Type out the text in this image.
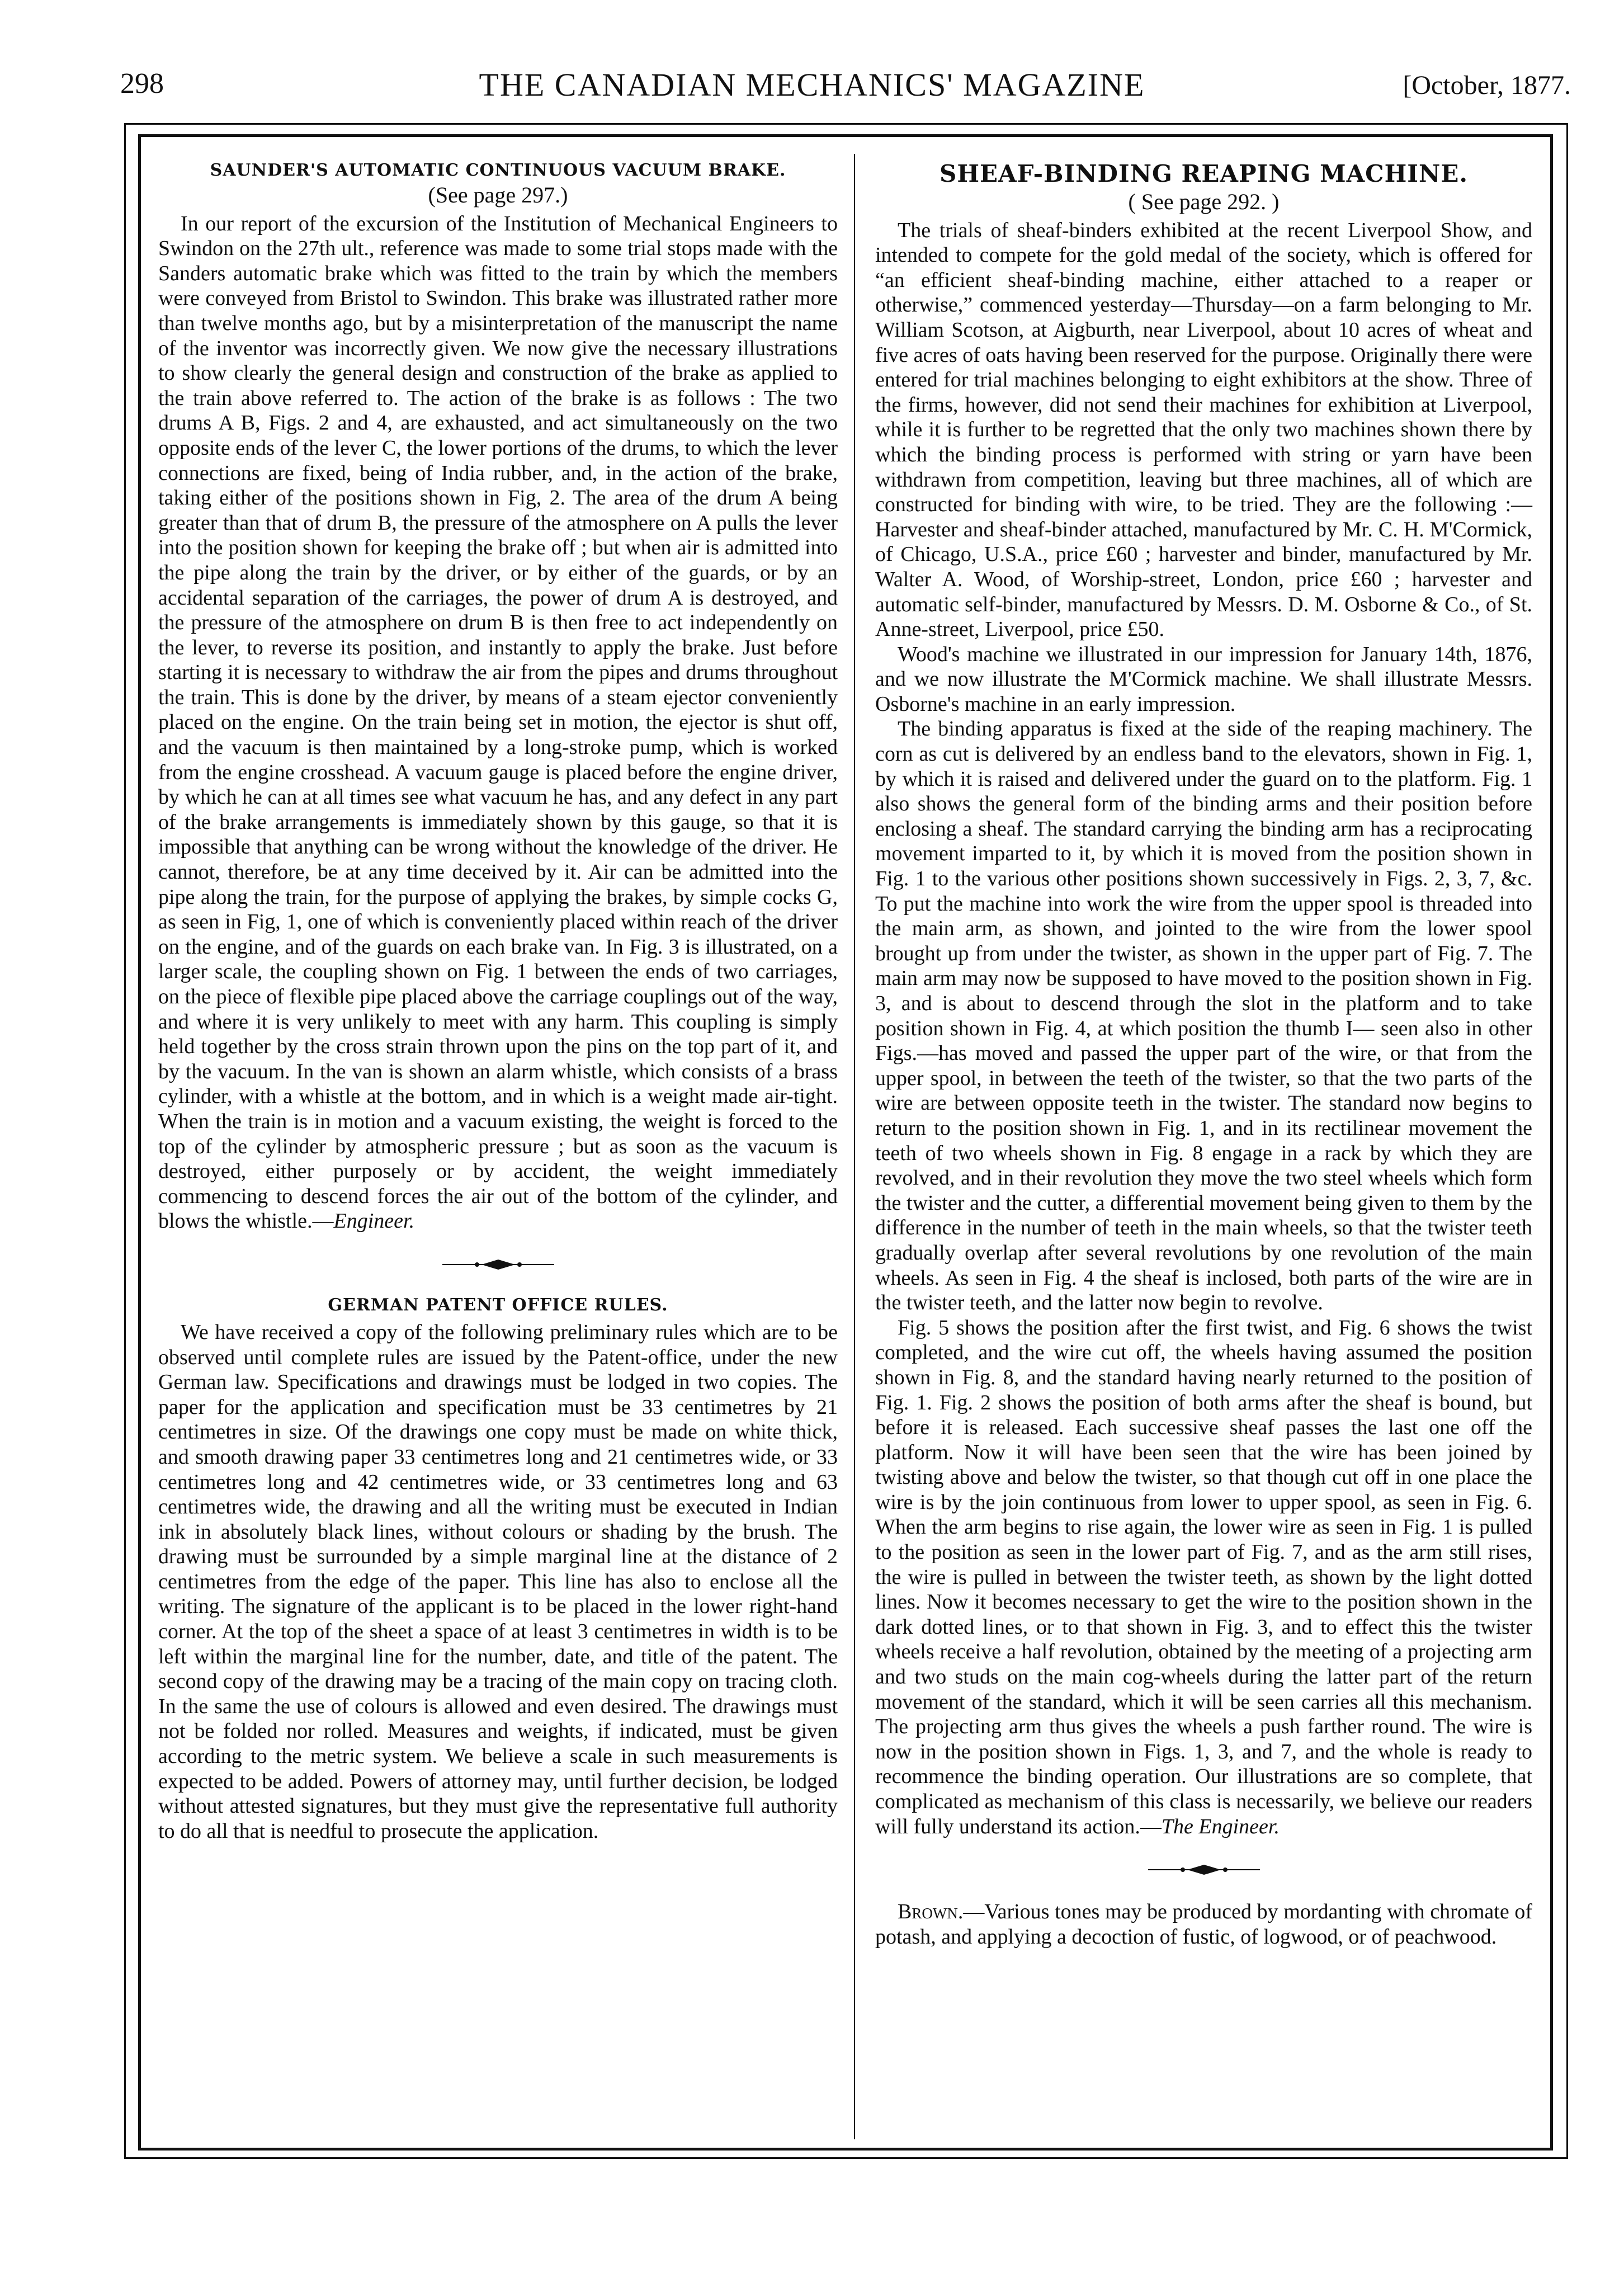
298	THE CANADIAN MECHANICS' MAGAZINE	[October, 1877.
SAUNDER'S AUTOMATIC CONTINUOUS VACUUM BRAKE.
(See page 297.)

In our report of the excursion of the Institution of Mechanical Engineers to Swindon on the 27th ult., reference was made to some trial stops made with the Sanders automatic brake which was fitted to the train by which the members were conveyed from Bristol to Swindon. This brake was illustrated rather more than twelve months ago, but by a misinterpretation of the manuscript the name of the inventor was incorrectly given. We now give the necessary illustrations to show clearly the general design and construction of the brake as applied to the train above referred to. The action of the brake is as follows : The two drums A B, Figs. 2 and 4, are exhausted, and act simultaneously on the two opposite ends of the lever C, the lower portions of the drums, to which the lever connections are fixed, being of India rubber, and, in the action of the brake, taking either of the positions shown in Fig, 2. The area of the drum A being greater than that of drum B, the pressure of the atmosphere on A pulls the lever into the position shown for keeping the brake off ; but when air is admitted into the pipe along the train by the driver, or by either of the guards, or by an accidental separation of the carriages, the power of drum A is destroyed, and the pressure of the atmosphere on drum B is then free to act independently on the lever, to reverse its position, and instantly to apply the brake. Just before starting it is necessary to withdraw the air from the pipes and drums throughout the train. This is done by the driver, by means of a steam ejector conveniently placed on the engine. On the train being set in motion, the ejector is shut off, and the vacuum is then maintained by a long-stroke pump, which is worked from the engine crosshead. A vacuum gauge is placed before the engine driver, by which he can at all times see what vacuum he has, and any defect in any part of the brake arrangements is immediately shown by this gauge, so that it is impossible that anything can be wrong without the knowledge of the driver. He cannot, therefore, be at any time deceived by it. Air can be admitted into the pipe along the train, for the purpose of applying the brakes, by simple cocks G, as seen in Fig, 1, one of which is conveniently placed within reach of the driver on the engine, and of the guards on each brake van. In Fig. 3 is illustrated, on a larger scale, the coupling shown on Fig. 1 between the ends of two carriages, on the piece of flexible pipe placed above the carriage couplings out of the way, and where it is very unlikely to meet with any harm. This coupling is simply held together by the cross strain thrown upon the pins on the top part of it, and by the vacuum. In the van is shown an alarm whistle, which consists of a brass cylinder, with a whistle at the bottom, and in which is a weight made air-tight. When the train is in motion and a vacuum existing, the weight is forced to the top of the cylinder by atmospheric pressure ; but as soon as the vacuum is destroyed, either purposely or by accident, the weight immediately commencing to descend forces the air out of the bottom of the cylinder, and blows the whistle.—Engineer.

GERMAN PATENT OFFICE RULES.

We have received a copy of the following preliminary rules which are to be observed until complete rules are issued by the Patent-office, under the new German law. Specifications and drawings must be lodged in two copies. The paper for the application and specification must be 33 centimetres by 21 centimetres in size. Of the drawings one copy must be made on white thick, and smooth drawing paper 33 centimetres long and 21 centimetres wide, or 33 centimetres long and 42 centimetres wide, or 33 centimetres long and 63 centimetres wide, the drawing and all the writing must be executed in Indian ink in absolutely black lines, without colours or shading by the brush. The drawing must be surrounded by a simple marginal line at the distance of 2 centimetres from the edge of the paper. This line has also to enclose all the writing. The signature of the applicant is to be placed in the lower right-hand corner. At the top of the sheet a space of at least 3 centimetres in width is to be left within the marginal line for the number, date, and title of the patent. The second copy of the drawing may be a tracing of the main copy on tracing cloth. In the same the use of colours is allowed and even desired. The drawings must not be folded nor rolled. Measures and weights, if indicated, must be given according to the metric system. We believe a scale in such measurements is expected to be added. Powers of attorney may, until further decision, be lodged without attested signatures, but they must give the representative full authority to do all that is needful to prosecute the application.

SHEAF-BINDING REAPING MACHINE.
( See page 292. )

The trials of sheaf-binders exhibited at the recent Liverpool Show, and intended to compete for the gold medal of the society, which is offered for “an efficient sheaf-binding machine, either attached to a reaper or otherwise,” commenced yesterday—Thursday—on a farm belonging to Mr. William Scotson, at Aigburth, near Liverpool, about 10 acres of wheat and five acres of oats having been reserved for the purpose. Originally there were entered for trial machines belonging to eight exhibitors at the show. Three of the firms, however, did not send their machines for exhibition at Liverpool, while it is further to be regretted that the only two machines shown there by which the binding process is performed with string or yarn have been withdrawn from competition, leaving but three machines, all of which are constructed for binding with wire, to be tried. They are the following :— Harvester and sheaf-binder attached, manufactured by Mr. C. H. M'Cormick, of Chicago, U.S.A., price £60 ; harvester and binder, manufactured by Mr. Walter A. Wood, of Worship-street, London, price £60 ; harvester and automatic self-binder, manufactured by Messrs. D. M. Osborne & Co., of St. Anne-street, Liverpool, price £50.

Wood's machine we illustrated in our impression for January 14th, 1876, and we now illustrate the M'Cormick machine. We shall illustrate Messrs. Osborne's machine in an early impression.

The binding apparatus is fixed at the side of the reaping machinery. The corn as cut is delivered by an endless band to the elevators, shown in Fig. 1, by which it is raised and delivered under the guard on to the platform. Fig. 1 also shows the general form of the binding arms and their position before enclosing a sheaf. The standard carrying the binding arm has a reciprocating movement imparted to it, by which it is moved from the position shown in Fig. 1 to the various other positions shown successively in Figs. 2, 3, 7, &c. To put the machine into work the wire from the upper spool is threaded into the main arm, as shown, and jointed to the wire from the lower spool brought up from under the twister, as shown in the upper part of Fig. 7. The main arm may now be supposed to have moved to the position shown in Fig. 3, and is about to descend through the slot in the platform and to take position shown in Fig. 4, at which position the thumb I— seen also in other Figs.—has moved and passed the upper part of the wire, or that from the upper spool, in between the teeth of the twister, so that the two parts of the wire are between opposite teeth in the twister. The standard now begins to return to the position shown in Fig. 1, and in its rectilinear movement the teeth of two wheels shown in Fig. 8 engage in a rack by which they are revolved, and in their revolution they move the two steel wheels which form the twister and the cutter, a differential movement being given to them by the difference in the number of teeth in the main wheels, so that the twister teeth gradually overlap after several revolutions by one revolution of the main wheels. As seen in Fig. 4 the sheaf is inclosed, both parts of the wire are in the twister teeth, and the latter now begin to revolve.

Fig. 5 shows the position after the first twist, and Fig. 6 shows the twist completed, and the wire cut off, the wheels having assumed the position shown in Fig. 8, and the standard having nearly returned to the position of Fig. 1. Fig. 2 shows the position of both arms after the sheaf is bound, but before it is released. Each successive sheaf passes the last one off the platform. Now it will have been seen that the wire has been joined by twisting above and below the twister, so that though cut off in one place the wire is by the join continuous from lower to upper spool, as seen in Fig. 6. When the arm begins to rise again, the lower wire as seen in Fig. 1 is pulled to the position as seen in the lower part of Fig. 7, and as the arm still rises, the wire is pulled in between the twister teeth, as shown by the light dotted lines. Now it becomes necessary to get the wire to the position shown in the dark dotted lines, or to that shown in Fig. 3, and to effect this the twister wheels receive a half revolution, obtained by the meeting of a projecting arm and two studs on the main cog-wheels during the latter part of the return movement of the standard, which it will be seen carries all this mechanism. The projecting arm thus gives the wheels a push farther round. The wire is now in the position shown in Figs. 1, 3, and 7, and the whole is ready to recommence the binding operation. Our illustrations are so complete, that complicated as mechanism of this class is necessarily, we believe our readers will fully understand its action.—The Engineer.

Brown.—Various tones may be produced by mordanting with chromate of potash, and applying a decoction of fustic, of logwood, or of peachwood.
